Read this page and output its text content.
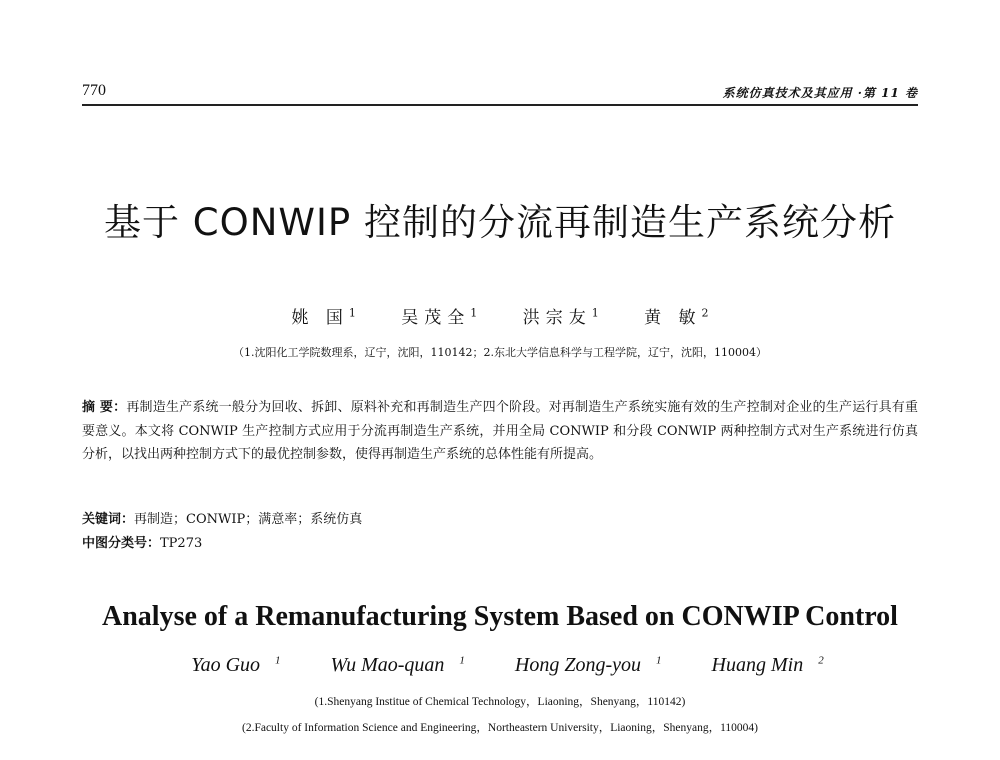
770	系统仿真技术及其应用 ·第 11 卷
基于 CONWIP 控制的分流再制造生产系统分析
姚 国$^1$	吴茂全$^1$	洪宗友$^1$	黄 敏$^2$
（1.沈阳化工学院数理系，辽宁，沈阳，110142；2.东北大学信息科学与工程学院，辽宁，沈阳，110004）
摘 要：再制造生产系统一般分为回收、拆卸、原料补充和再制造生产四个阶段。对再制造生产系统实施有效的生产控制对企业的生产运行具有重要意义。本文将 CONWIP 生产控制方式应用于分流再制造生产系统，并用全局 CONWIP 和分段 CONWIP 两种控制方式对生产系统进行仿真分析，以找出两种控制方式下的最优控制参数，使得再制造生产系统的总体性能有所提高。
关键词：再制造；CONWIP；满意率；系统仿真
中图分类号：TP273
Analyse of a Remanufacturing System Based on CONWIP Control
Yao Guo $^1$	Wu Mao-quan $^1$	Hong Zong-you $^1$	Huang Min $^2$
(1.Shenyang Institue of Chemical Technology，Liaoning，Shenyang，110142)
(2.Faculty of Information Science and Engineering，Northeastern University，Liaoning，Shenyang，110004)
